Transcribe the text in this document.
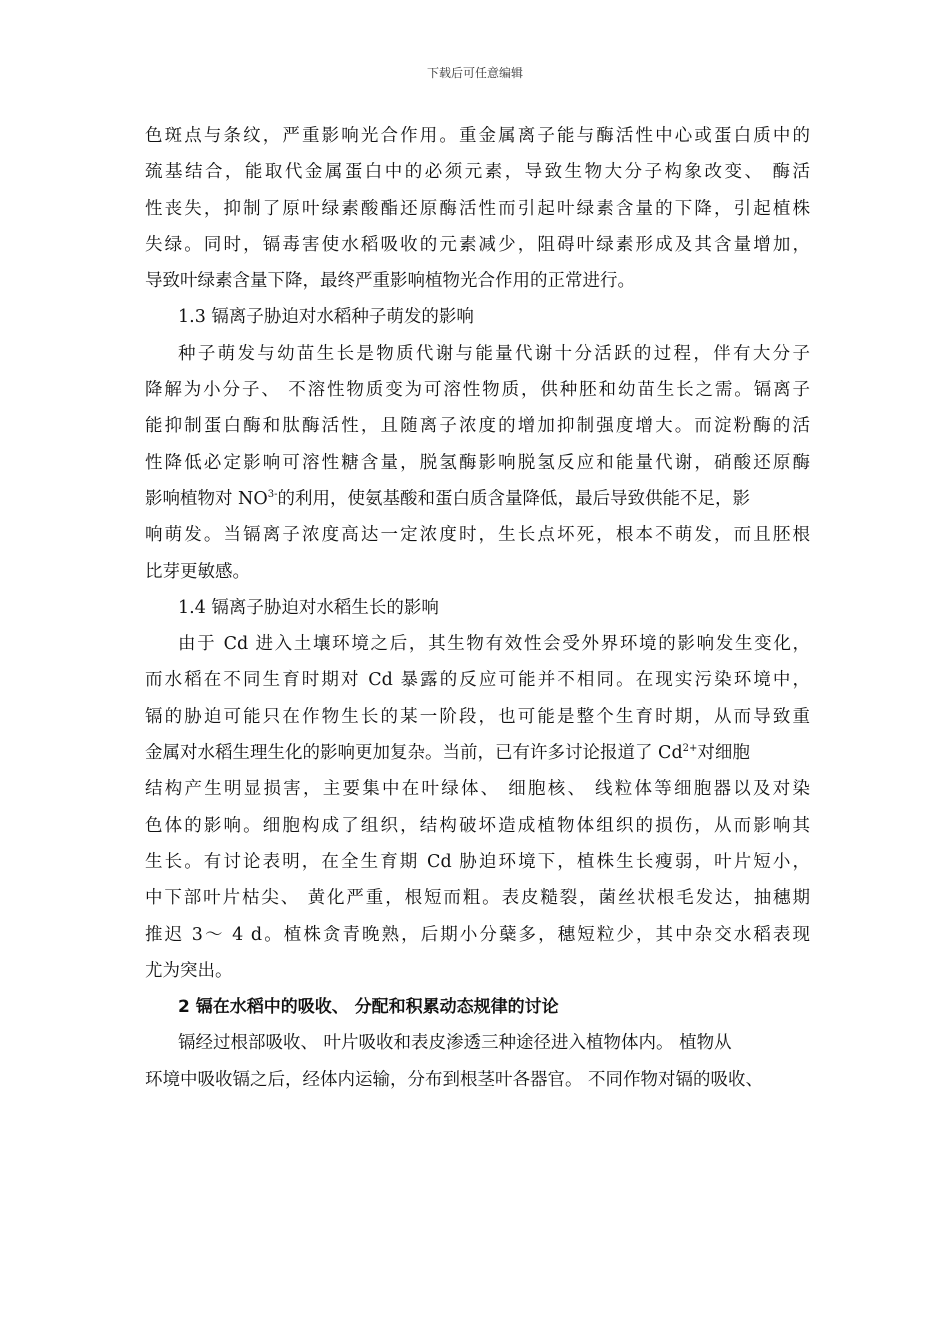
下载后可任意编辑
色斑点与条纹，严重影响光合作用。重金属离子能与酶活性中心或蛋白质中的
巯基结合，能取代金属蛋白中的必须元素，导致生物大分子构象改变、 酶活
性丧失，抑制了原叶绿素酸酯还原酶活性而引起叶绿素含量的下降，引起植株
失绿。同时，镉毒害使水稻吸收的元素减少，阻碍叶绿素形成及其含量增加，
导致叶绿素含量下降，最终严重影响植物光合作用的正常进行。
1.3 镉离子胁迫对水稻种子萌发的影响
种子萌发与幼苗生长是物质代谢与能量代谢十分活跃的过程，伴有大分子
降解为小分子、 不溶性物质变为可溶性物质，供种胚和幼苗生长之需。镉离子
能抑制蛋白酶和肽酶活性，且随离子浓度的增加抑制强度增大。而淀粉酶的活
性降低必定影响可溶性糖含量，脱氢酶影响脱氢反应和能量代谢，硝酸还原酶
影响植物对 $NO^{3-}$的利用，使氨基酸和蛋白质含量降低，最后导致供能不足，影
响萌发。当镉离子浓度高达一定浓度时，生长点坏死，根本不萌发，而且胚根
比芽更敏感。
1.4 镉离子胁迫对水稻生长的影响
由于 Cd 进入土壤环境之后，其生物有效性会受外界环境的影响发生变化，
而水稻在不同生育时期对 Cd 暴露的反应可能并不相同。在现实污染环境中，
镉的胁迫可能只在作物生长的某一阶段，也可能是整个生育时期，从而导致重
金属对水稻生理生化的影响更加复杂。当前，已有许多讨论报道了 $Cd^{2+}$对细胞
结构产生明显损害，主要集中在叶绿体、 细胞核、 线粒体等细胞器以及对染
色体的影响。细胞构成了组织，结构破坏造成植物体组织的损伤，从而影响其
生长。有讨论表明，在全生育期 Cd 胁迫环境下，植株生长瘦弱，叶片短小，
中下部叶片枯尖、 黄化严重，根短而粗。表皮糙裂，菌丝状根毛发达，抽穗期
推迟 3～ 4 d。植株贪青晚熟，后期小分蘖多，穗短粒少，其中杂交水稻表现
尤为突出。
2 镉在水稻中的吸收、 分配和积累动态规律的讨论
镉经过根部吸收、 叶片吸收和表皮渗透三种途径进入植物体内。 植物从
环境中吸收镉之后，经体内运输，分布到根茎叶各器官。 不同作物对镉的吸收、
